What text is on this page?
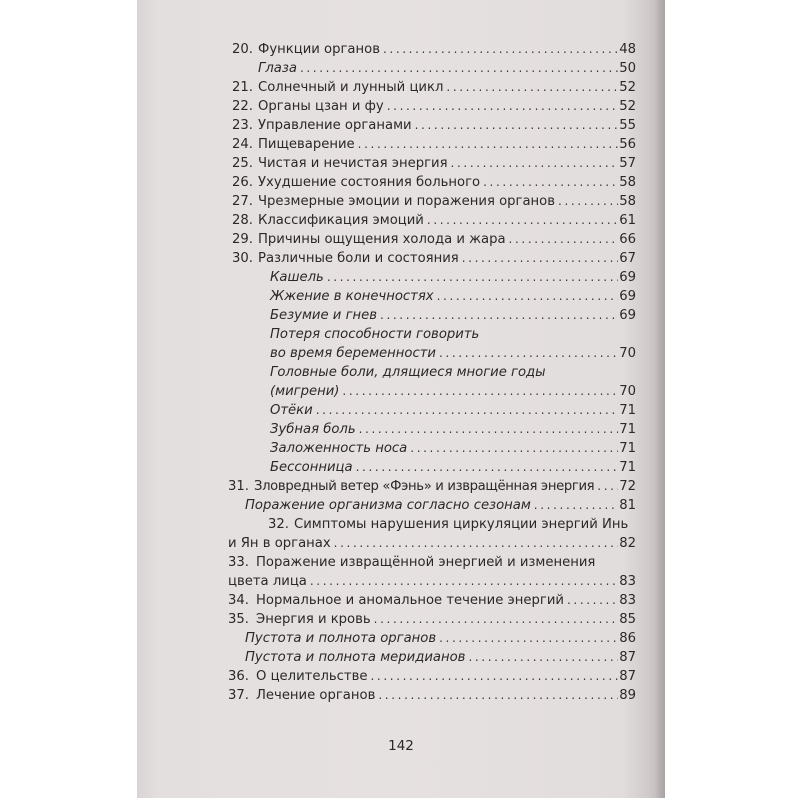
20. Функции органов . . .	48
Глаза . . .	50
21. Солнечный и лунный цикл . . .	52
22. Органы цзан и фу . . .	52
23. Управление органами . . .	55
24. Пищеварение . . .	56
25. Чистая и нечистая энергия . . .	57
26. Ухудшение состояния больного . . .	58
27. Чрезмерные эмоции и поражения органов . . .	58
28. Классификация эмоций . . .	61
29. Причины ощущения холода и жара . . .	66
30. Различные боли и состояния . . .	67
Кашель . . .	69
Жжение в конечностях . . .	69
Безумие и гнев . . .	69
Потеря способности говорить
во время беременности . . .	70
Головные боли, длящиеся многие годы
(мигрени) . . .	70
Отёки . . .	71
Зубная боль . . .	71
Заложенность носа . . .	71
Бессонница . . .	71
31. Зловредный ветер «Фэнь» и извращённая энергия . . . 72
Поражение организма согласно сезонам . . .	81
32. Симптомы нарушения циркуляции энергий Инь
и Ян в органах . . .	82
33. Поражение извращённой энергией и изменения
цвета лица . . .	83
34. Нормальное и аномальное течение энергий . . .	83
35. Энергия и кровь . . .	85
Пустота и полнота органов . . .	86
Пустота и полнота меридианов . . .	87
36. О целительстве . . .	87
37. Лечение органов . . .	89
142
